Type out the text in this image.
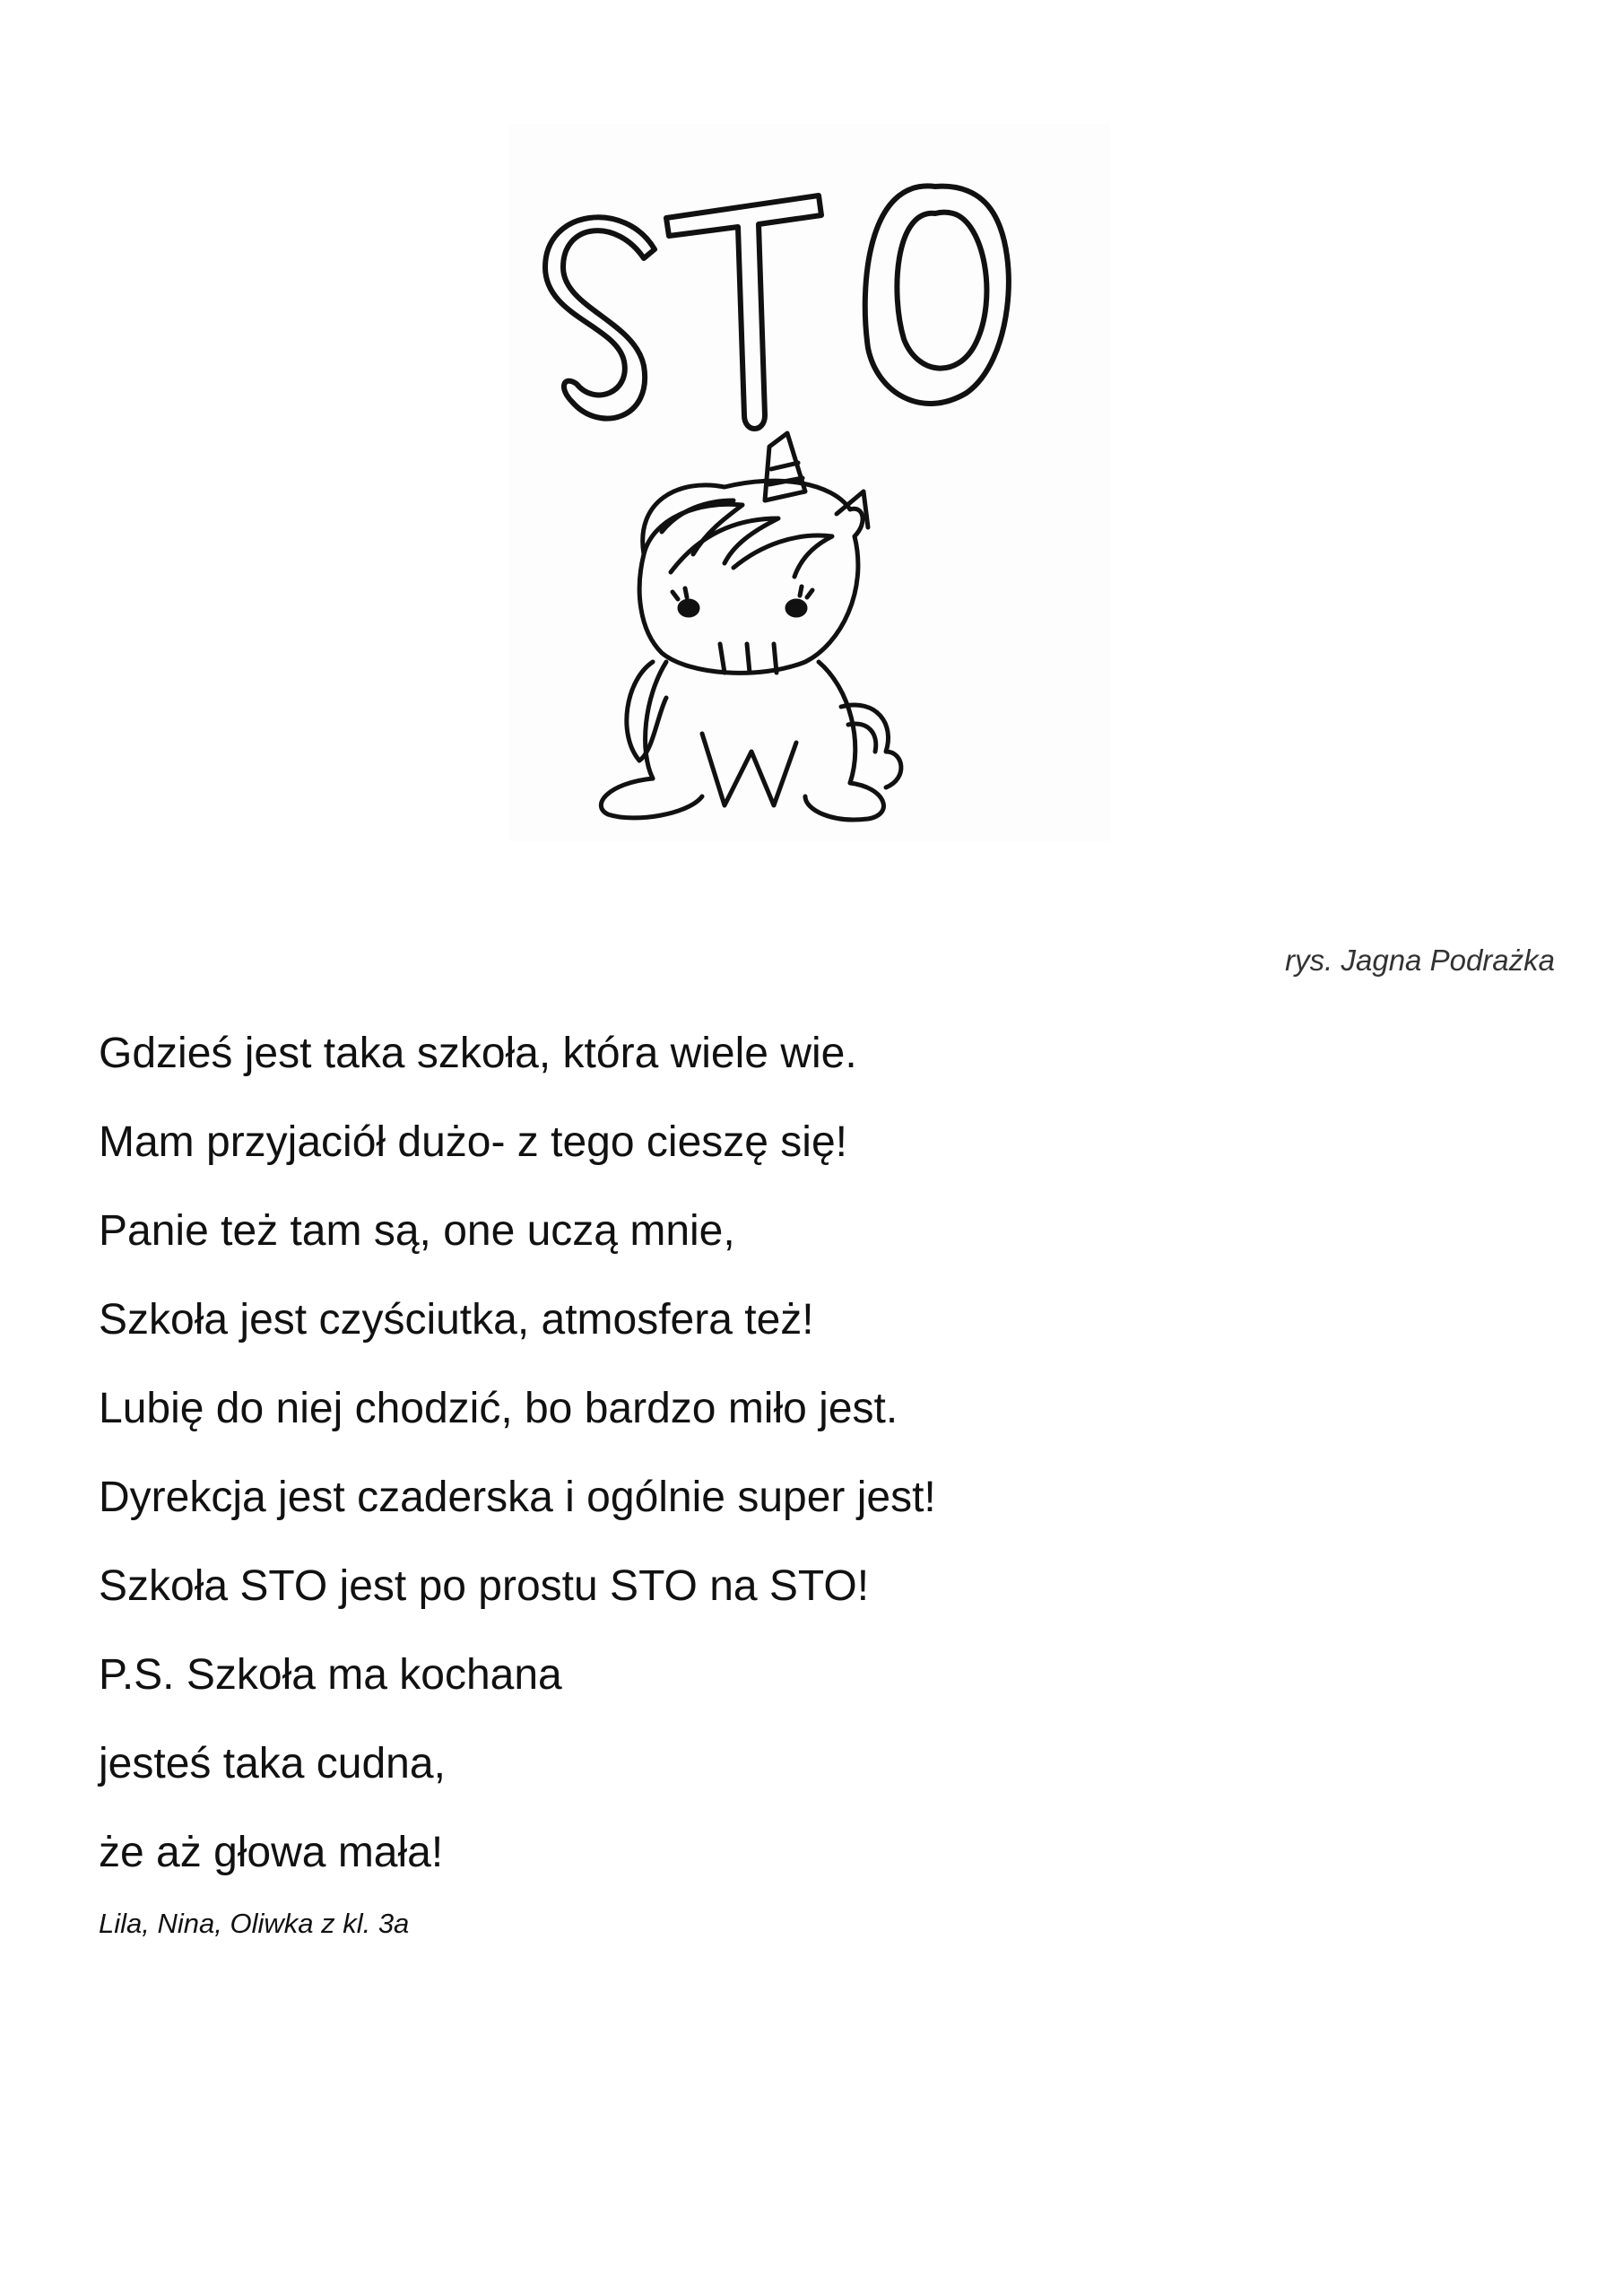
rys. Jagna Podrażka
Gdzieś jest taka szkoła, która wiele wie.
Mam przyjaciół dużo- z tego cieszę się!
Panie też tam są, one uczą mnie,
Szkoła jest czyściutka, atmosfera też!
Lubię do niej chodzić, bo bardzo miło jest.
Dyrekcja jest czaderska i ogólnie super jest!
Szkoła STO jest po prostu STO na STO!
P.S. Szkoła ma kochana
jesteś taka cudna,
że aż głowa mała!
Lila, Nina, Oliwka z kl. 3a
